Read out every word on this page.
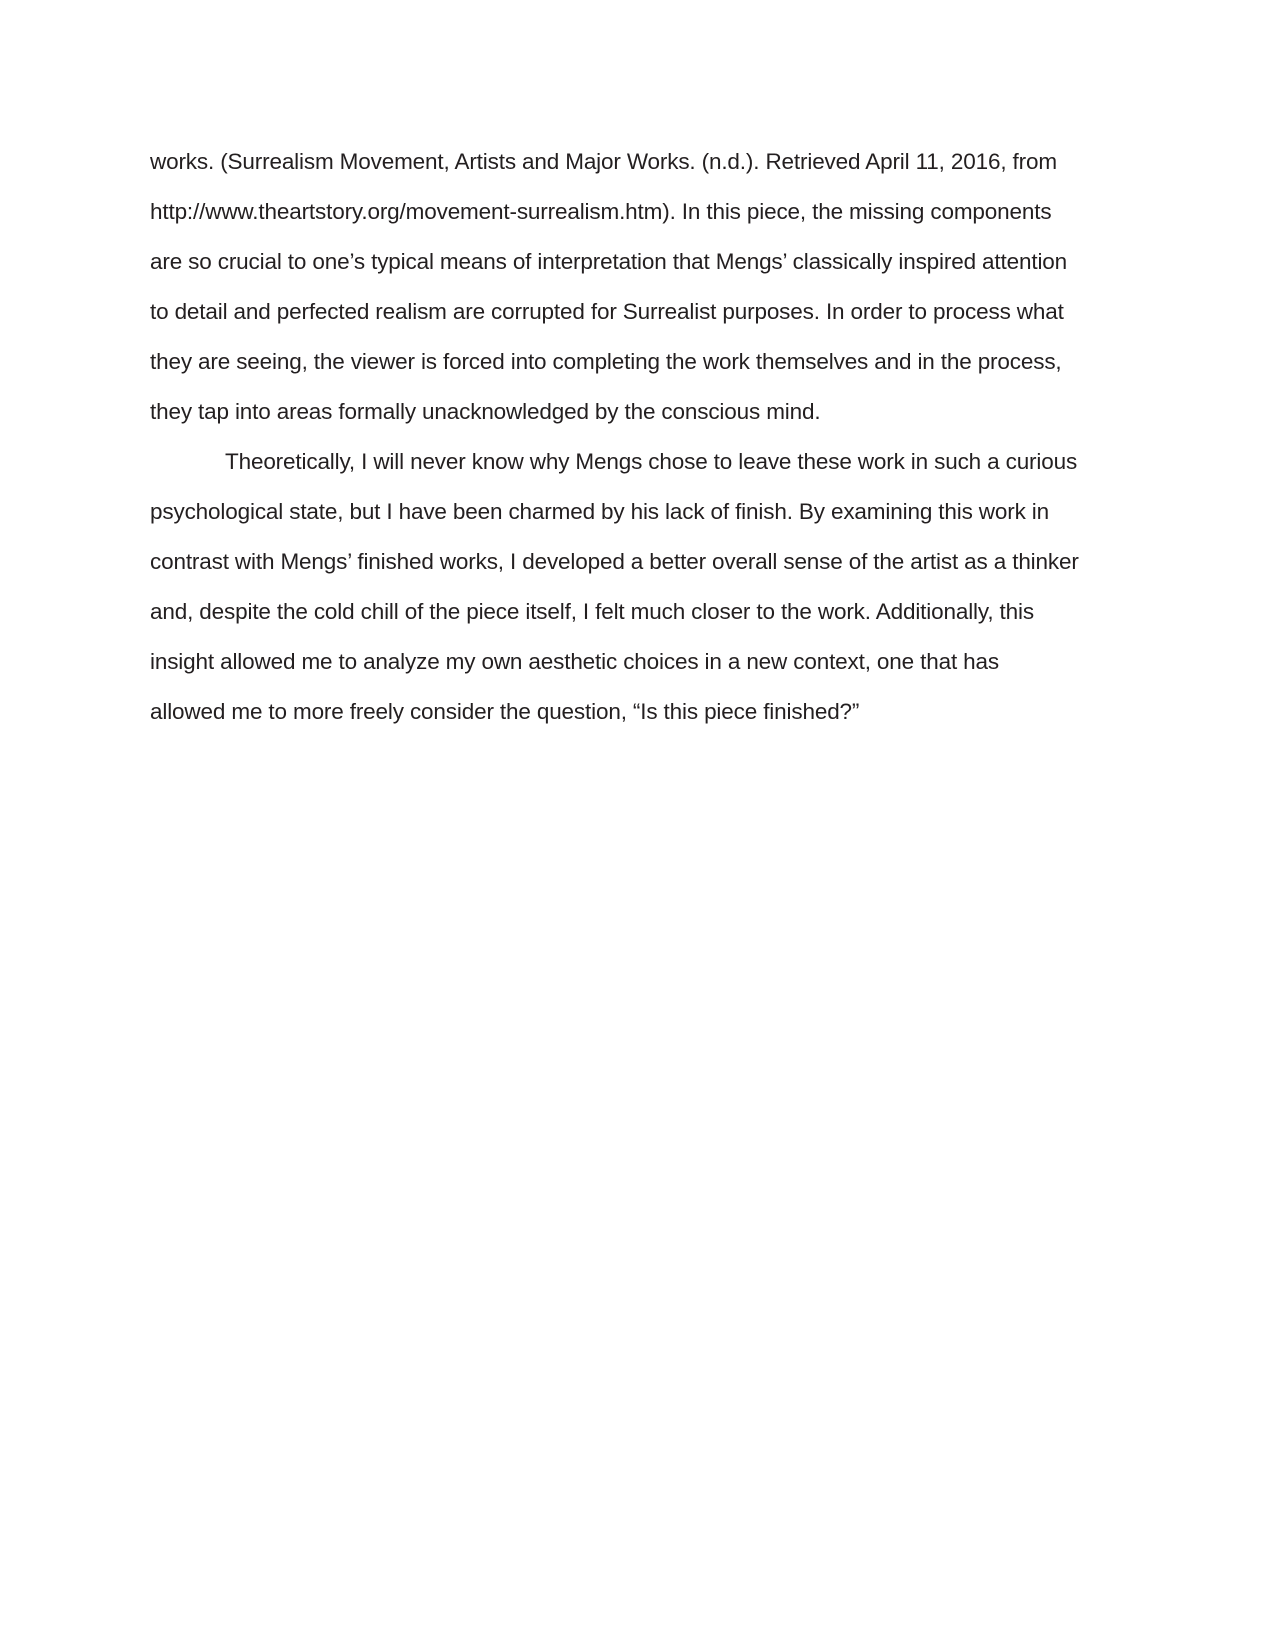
works. (Surrealism Movement, Artists and Major Works. (n.d.). Retrieved April 11, 2016, from
http://www.theartstory.org/movement-surrealism.htm). In this piece, the missing components
are so crucial to one’s typical means of interpretation that Mengs’ classically inspired attention
to detail and perfected realism are corrupted for Surrealist purposes. In order to process what
they are seeing, the viewer is forced into completing the work themselves and in the process,
they tap into areas formally unacknowledged by the conscious mind.
Theoretically, I will never know why Mengs chose to leave these work in such a curious
psychological state, but I have been charmed by his lack of finish. By examining this work in
contrast with Mengs’ finished works, I developed a better overall sense of the artist as a thinker
and, despite the cold chill of the piece itself, I felt much closer to the work. Additionally, this
insight allowed me to analyze my own aesthetic choices in a new context, one that has
allowed me to more freely consider the question, “Is this piece finished?”
